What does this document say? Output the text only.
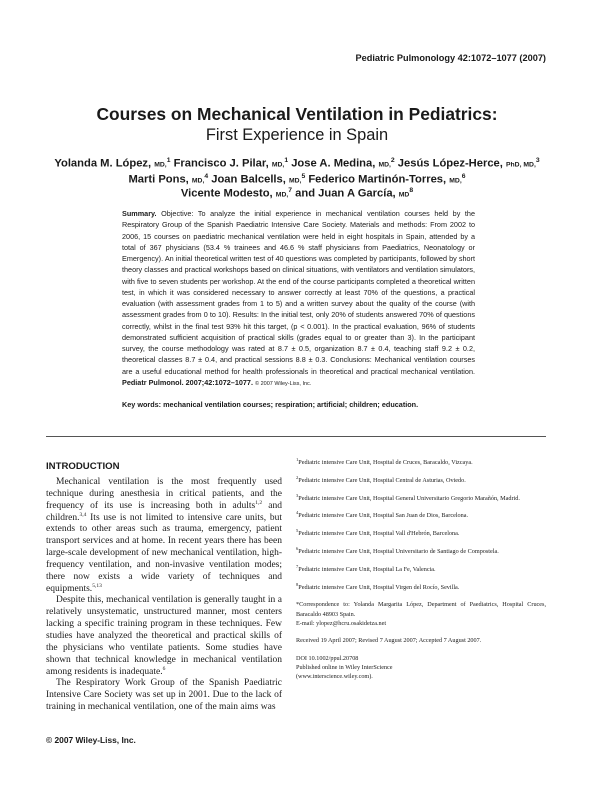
Pediatric Pulmonology 42:1072–1077 (2007)
Courses on Mechanical Ventilation in Pediatrics:
First Experience in Spain
Yolanda M. López, MD,$^1$ Francisco J. Pilar, MD,$^1$ Jose A. Medina, MD,$^2$ Jesús López-Herce, PhD, MD,$^3$
Marti Pons, MD,$^4$ Joan Balcells, MD,$^5$ Federico Martinón-Torres, MD,$^6$
Vicente Modesto, MD,$^7$ and Juan A García, $MD^8$
Summary. Objective: To analyze the initial experience in mechanical ventilation courses held by the Respiratory Group of the Spanish Paediatric Intensive Care Society. Materials and methods: From 2002 to 2006, 15 courses on paediatric mechanical ventilation were held in eight hospitals in Spain, attended by a total of 367 physicians (53.4 % trainees and 46.6 % staff physicians from Paediatrics, Neonatology or Emergency). An initial theoretical written test of 40 questions was completed by participants, followed by short theory classes and practical workshops based on clinical situations, with ventilators and ventilation simulators, with five to seven students per workshop. At the end of the course participants completed a theoretical written test, in which it was considered necessary to answer correctly at least 70% of the questions, a practical evaluation (with assessment grades from 1 to 5) and a written survey about the quality of the course (with assessment grades from 0 to 10). Results: In the initial test, only 20% of students answered 70% of questions correctly, whilst in the final test 93% hit this target, (p < 0.001). In the practical evaluation, 96% of students demonstrated sufficient acquisition of practical skills (grades equal to or greater than 3). In the participant survey, the course methodology was rated at 8.7 ± 0.5, organization 8.7 ± 0.4, teaching staff 9.2 ± 0.2, theoretical classes 8.7 ± 0.4, and practical sessions 8.8 ± 0.3. Conclusions: Mechanical ventilation courses are a useful educational method for health professionals in theoretical and practical mechanical ventilation. Pediatr Pulmonol. 2007;42:1072–1077. © 2007 Wiley-Liss, Inc.
Key words: mechanical ventilation courses; respiration; artificial; children; education.
INTRODUCTION

Mechanical ventilation is the most frequently used technique during anesthesia in critical patients, and the frequency of its use is increasing both in adults$^{1,2}$ and children.$^{3,4}$ Its use is not limited to intensive care units, but extends to other areas such as trauma, emergency, patient transport services and at home. In recent years there has been large-scale development of new mechanical ventilation, high-frequency ventilation, and non-invasive ventilation modes; there now exists a wide variety of techniques and equipments.$^{5,13}$

Despite this, mechanical ventilation is generally taught in a relatively unsystematic, unstructured manner, most centers lacking a specific training program in these techniques. Few studies have analyzed the theoretical and practical skills of the physicians who ventilate patients. Some studies have shown that technical knowledge in mechanical ventilation among residents is inadequate.$^6$

The Respiratory Work Group of the Spanish Paediatric Intensive Care Society was set up in 2001. Due to the lack of training in mechanical ventilation, one of the main aims was

© 2007 Wiley-Liss, Inc.

$^1$Pediatric intensive Care Unit, Hospital de Cruces, Baracaldo, Vizcaya.

$^2$Pediatric intensive Care Unit, Hospital Central de Asturias, Oviedo.

$^3$Pediatric intensive Care Unit, Hospital General Universitario Gregorio Marañón, Madrid.

$^4$Pediatric intensive Care Unit, Hospital San Juan de Dios, Barcelona.

$^5$Pediatric intensive Care Unit, Hospital Vall d'Hebrón, Barcelona.

$^6$Pediatric intensive Care Unit, Hospital Universitario de Santiago de Compostela.

$^7$Pediatric intensive Care Unit, Hospital La Fe, Valencia.

$^8$Pediatric intensive Care Unit, Hospital Virgen del Rocío, Sevilla.

*Correspondence to: Yolanda Margarita López, Department of Paediatrics, Hospital Cruces, Baracaldo 48903 Spain.

E-mail: ylopez@hcru.osakidetza.net

Received 19 April 2007; Revised 7 August 2007; Accepted 7 August 2007.

DOI 10.1002/ppul.20708

Published online in Wiley InterScience

(www.interscience.wiley.com).
